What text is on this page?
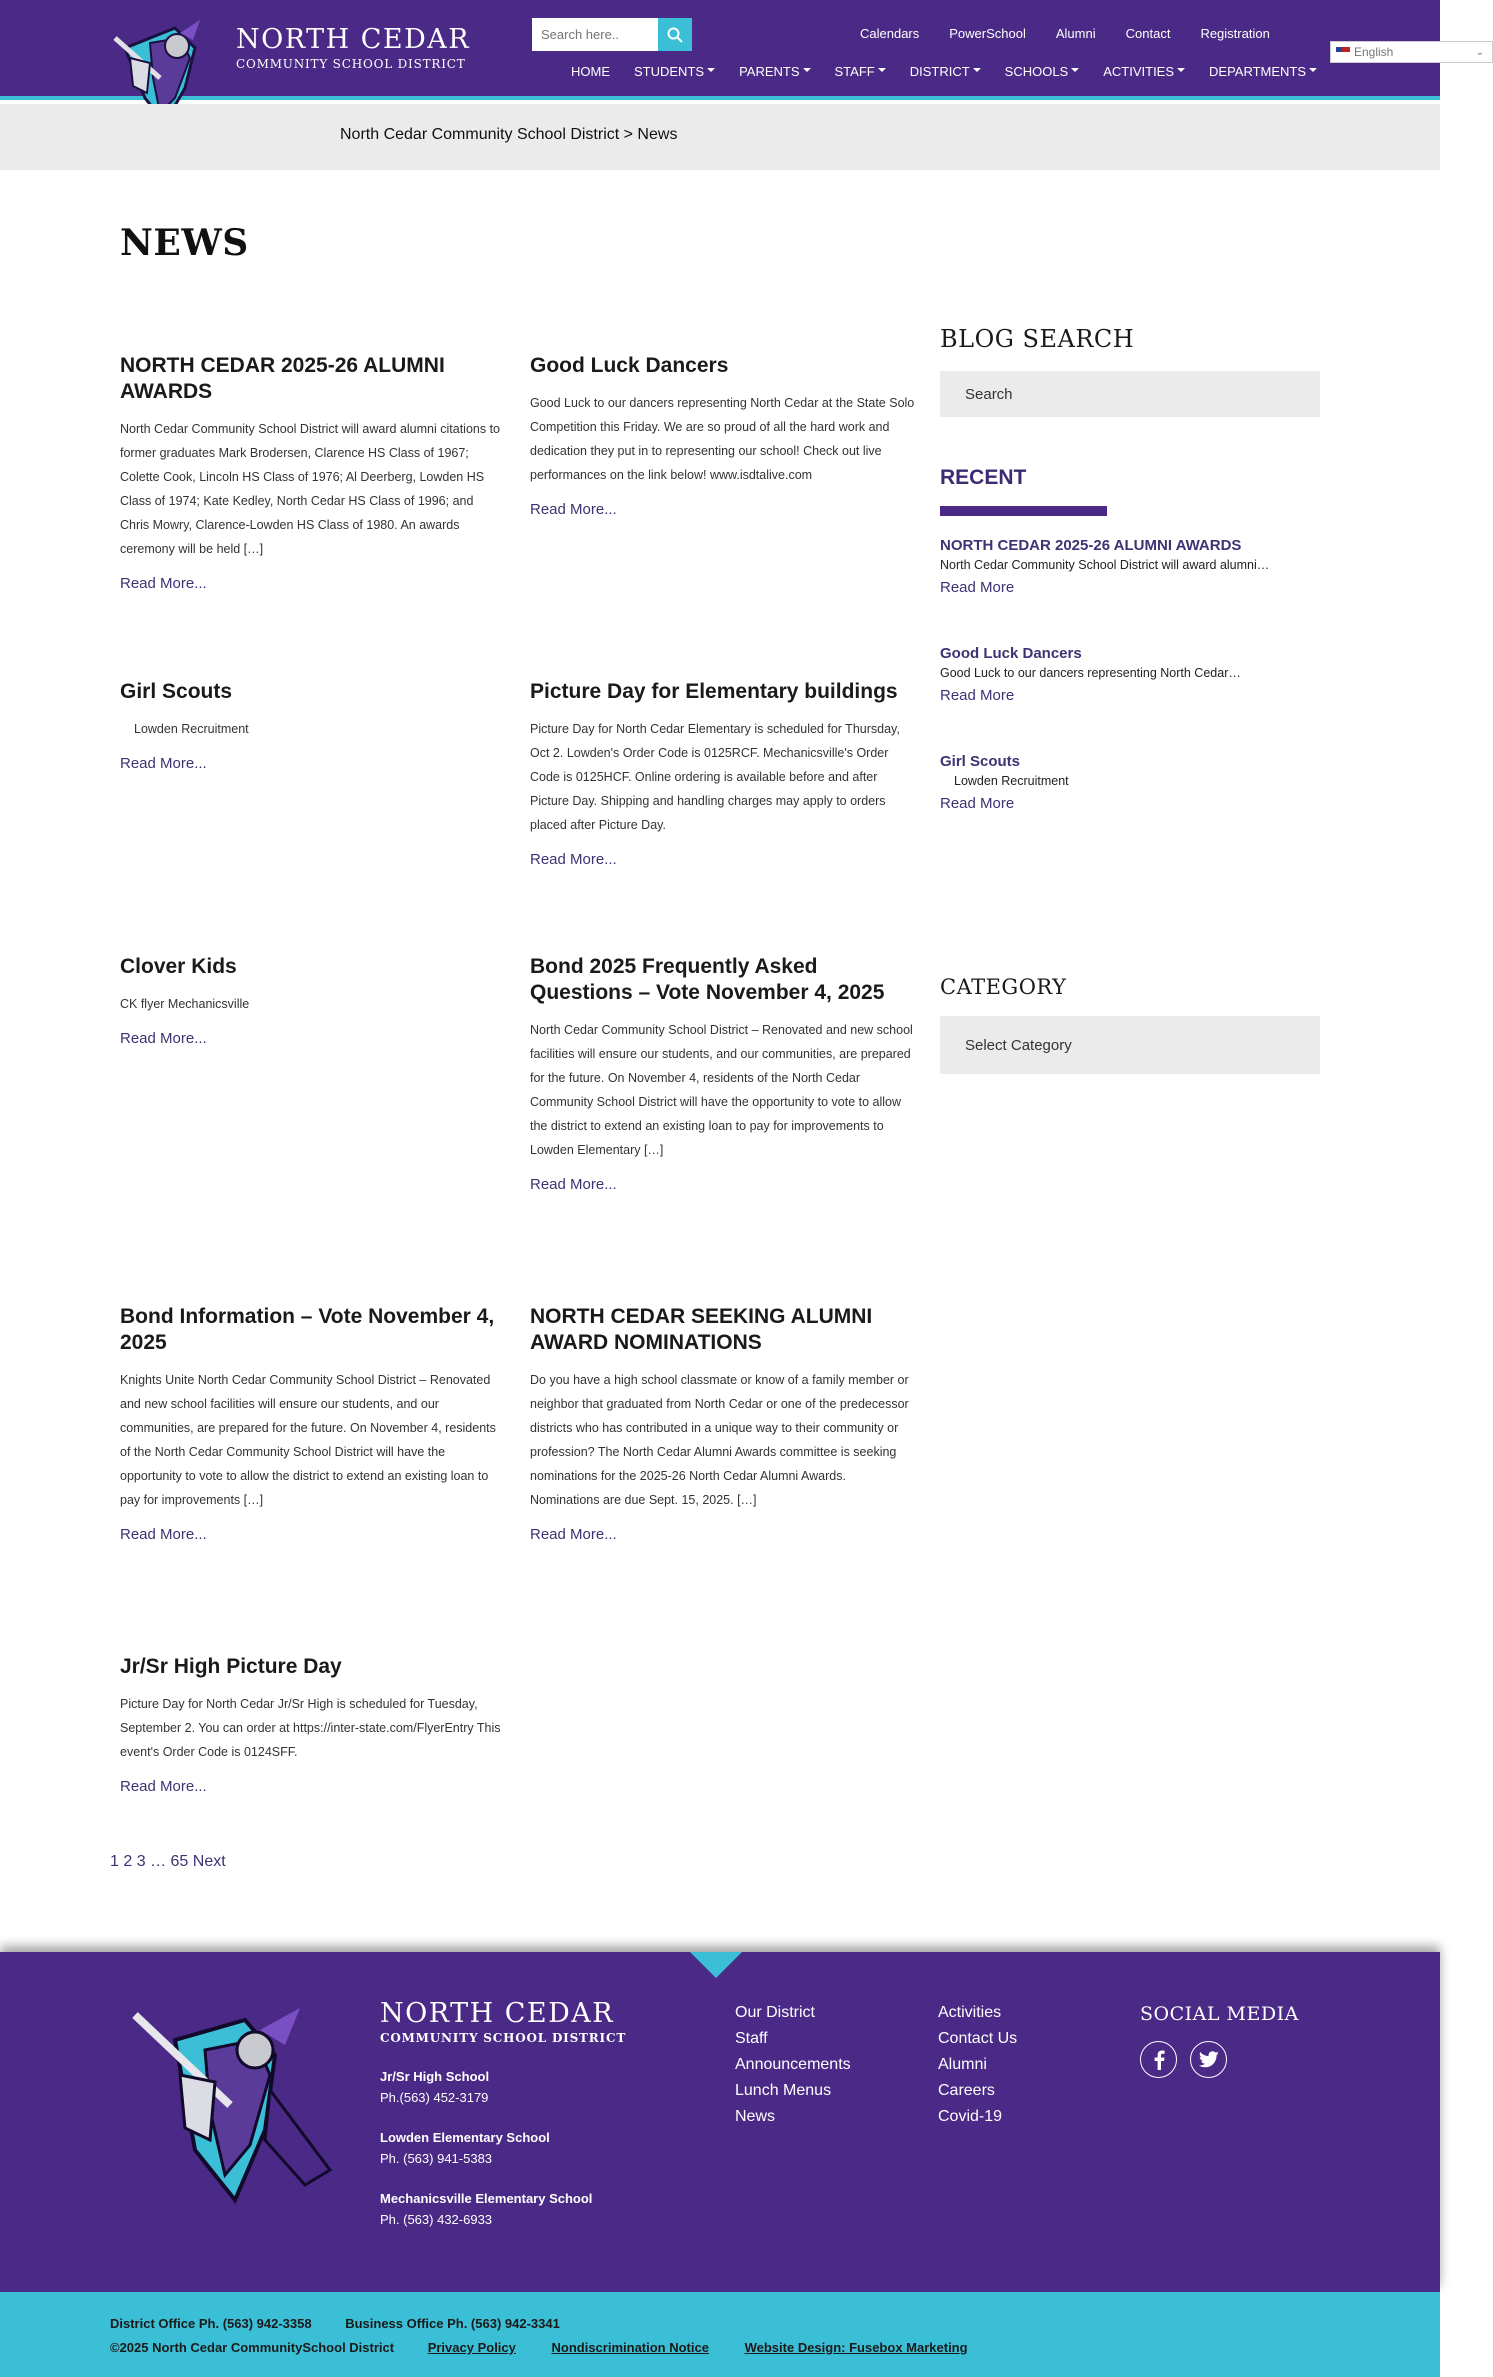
NORTH CEDAR
COMMUNITY SCHOOL DISTRICT
Search here..
Calendars PowerSchool Alumni Contact Registration
HOME STUDENTS	PARENTS	STAFF	DISTRICT	SCHOOLS	ACTIVITIES	DEPARTMENTS
English	⌄
North Cedar Community School District > News
NEWS
NORTH CEDAR 2025-26 ALUMNI AWARDS

North Cedar Community School District will award alumni citations to former graduates Mark Brodersen, Clarence HS Class of 1967; Colette Cook, Lincoln HS Class of 1976; Al Deerberg, Lowden HS Class of 1974; Kate Kedley, North Cedar HS Class of 1996; and Chris Mowry, Clarence-Lowden HS Class of 1980. An awards ceremony will be held […]

Read More...
Good Luck Dancers

Good Luck to our dancers representing North Cedar at the State Solo Competition this Friday. We are so proud of all the hard work and dedication they put in to representing our school! Check out live performances on the link below! www.isdtalive.com

Read More...
Girl Scouts

Lowden Recruitment

Read More...
Picture Day for Elementary buildings

Picture Day for North Cedar Elementary is scheduled for Thursday, Oct 2. Lowden's Order Code is 0125RCF. Mechanicsville's Order Code is 0125HCF. Online ordering is available before and after Picture Day. Shipping and handling charges may apply to orders placed after Picture Day.

Read More...
Clover Kids

CK flyer Mechanicsville

Read More...
Bond 2025 Frequently Asked Questions – Vote November 4, 2025

North Cedar Community School District – Renovated and new school facilities will ensure our students, and our communities, are prepared for the future. On November 4, residents of the North Cedar Community School District will have the opportunity to vote to allow the district to extend an existing loan to pay for improvements to Lowden Elementary […]

Read More...
Bond Information – Vote November 4, 2025

Knights Unite North Cedar Community School District – Renovated and new school facilities will ensure our students, and our communities, are prepared for the future. On November 4, residents of the North Cedar Community School District will have the opportunity to vote to allow the district to extend an existing loan to pay for improvements […]

Read More...
NORTH CEDAR SEEKING ALUMNI AWARD NOMINATIONS

Do you have a high school classmate or know of a family member or neighbor that graduated from North Cedar or one of the predecessor districts who has contributed in a unique way to their community or profession? The North Cedar Alumni Awards committee is seeking nominations for the 2025-26 North Cedar Alumni Awards. Nominations are due Sept. 15, 2025. […]

Read More...
Jr/Sr High Picture Day

Picture Day for North Cedar Jr/Sr High is scheduled for Tuesday, September 2. You can order at https://inter-state.com/FlyerEntry This event's Order Code is 0124SFF.

Read More...
BLOG SEARCH
Search
RECENT
NORTH CEDAR 2025-26 ALUMNI AWARDS
North Cedar Community School District will award alumni…
Read More
Good Luck Dancers
Good Luck to our dancers representing North Cedar…
Read More
Girl Scouts
Lowden Recruitment
Read More
CATEGORY
Select Category
1 2 3 … 65 Next
NORTH CEDAR
COMMUNITY SCHOOL DISTRICT
Jr/Sr High School
Ph.(563) 452-3179
Lowden Elementary School
Ph. (563) 941-5383
Mechanicsville Elementary School
Ph. (563) 432-6933
Our District
Staff
Announcements
Lunch Menus
News
Activities
Contact Us
Alumni
Careers
Covid-19
SOCIAL MEDIA
District Office Ph. (563) 942-3358	Business Office Ph. (563) 942-3341
©2025 North Cedar CommunitySchool District	Privacy Policy	Nondiscrimination Notice	Website Design: Fusebox Marketing
